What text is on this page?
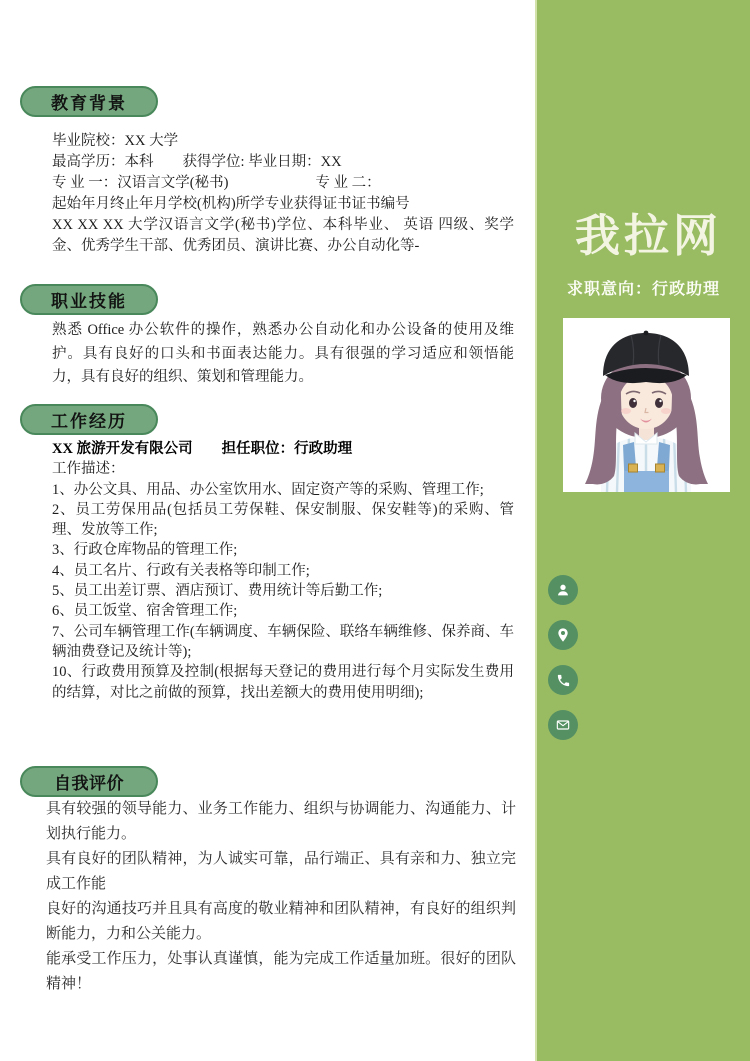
教育背景
毕业院校：XX 大学
最高学历：本科　　获得学位: 毕业日期：XX
专 业 一：汉语言文学(秘书)　　　　　　专 业 二：
起始年月终止年月学校(机构)所学专业获得证书证书编号
XX XX XX 大学汉语言文学(秘书)学位、本科毕业、 英语 四级、奖学金、优秀学生干部、优秀团员、演讲比赛、办公自动化等-
职业技能
熟悉 Office 办公软件的操作，熟悉办公自动化和办公设备的使用及维护。具有良好的口头和书面表达能力。具有很强的学习适应和领悟能力，具有良好的组织、策划和管理能力。
工作经历
XX 旅游开发有限公司　　担任职位：行政助理
工作描述：
1、办公文具、用品、办公室饮用水、固定资产等的采购、管理工作;
2、员工劳保用品(包括员工劳保鞋、保安制服、保安鞋等)的采购、管理、发放等工作;
3、行政仓库物品的管理工作;
4、员工名片、行政有关表格等印制工作;
5、员工出差订票、酒店预订、费用统计等后勤工作;
6、员工饭堂、宿舍管理工作;
7、公司车辆管理工作(车辆调度、车辆保险、联络车辆维修、保养商、车辆油费登记及统计等);
10、行政费用预算及控制(根据每天登记的费用进行每个月实际发生费用的结算，对比之前做的预算，找出差额大的费用使用明细);
自我评价
具有较强的领导能力、业务工作能力、组织与协调能力、沟通能力、计划执行能力。
具有良好的团队精神，为人诚实可靠，品行端正、具有亲和力、独立完成工作能
良好的沟通技巧并且具有高度的敬业精神和团队精神，有良好的组织判断能力，力和公关能力。
能承受工作压力，处事认真谨慎，能为完成工作适量加班。很好的团队精神！
我拉网
求职意向：行政助理
